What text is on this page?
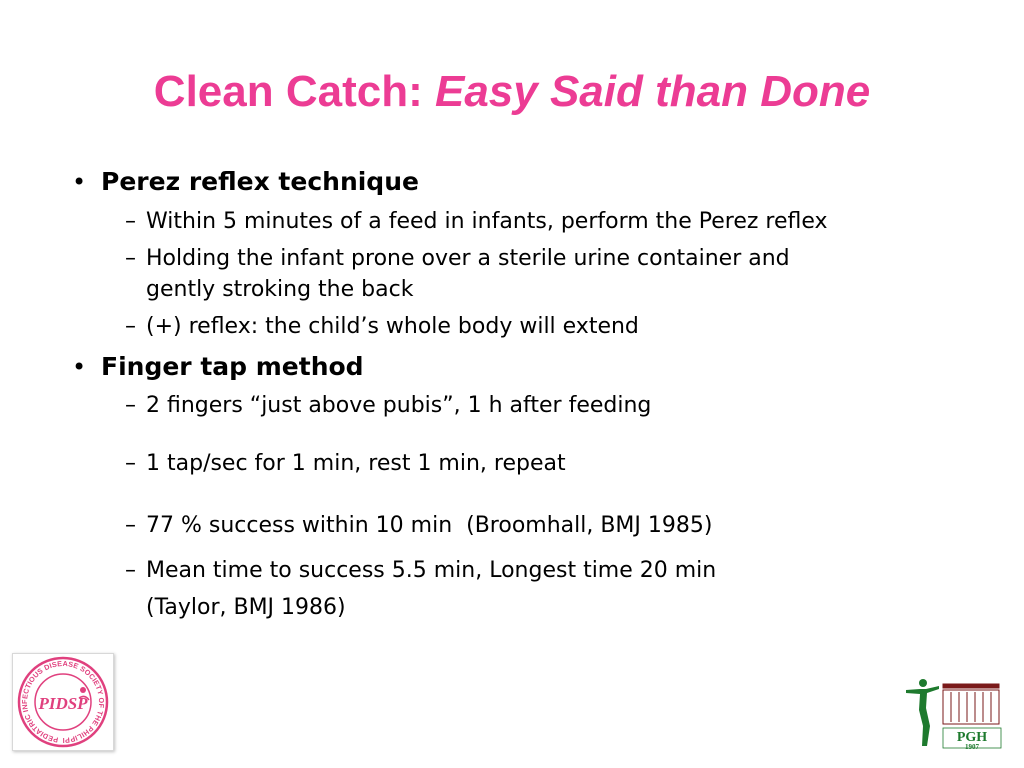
Clean Catch: Easy Said than Done
• Perez reflex technique
– Within 5 minutes of a feed in infants, perform the Perez reflex
– Holding the infant prone over a sterile urine container and
gently stroking the back
– (+) reflex: the child’s whole body will extend
• Finger tap method
– 2 fingers “just above pubis”, 1 h after feeding
– 1 tap/sec for 1 min, rest 1 min, repeat
– 77 % success within 10 min  (Broomhall, BMJ 1985)
– Mean time to success 5.5 min, Longest time 20 min
(Taylor, BMJ 1986)
PEDIATRIC INFECTIOUS DISEASE SOCIETY OF THE PHILIPPI
PIDSP
PGH
1907
